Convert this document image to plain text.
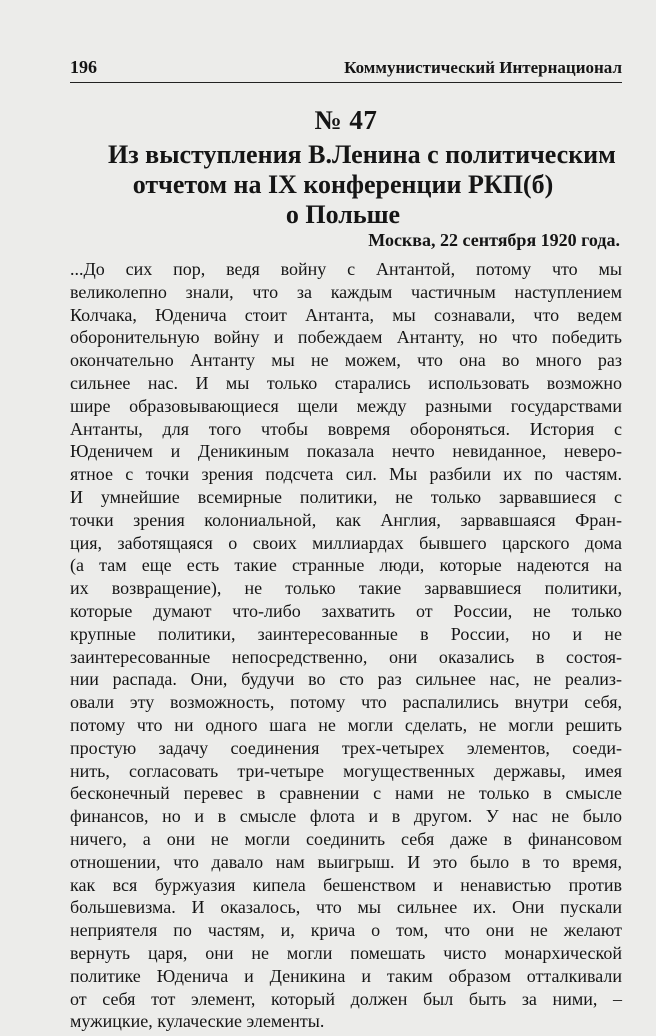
196	Коммунистический Интернационал
№ 47
Из выступления В.Ленина с политическим
отчетом на IX конференции РКП(б)
о Польше
Москва, 22 сентября 1920 года.
...До сих пор, ведя войну с Антантой, потому что мы
великолепно знали, что за каждым частичным наступлением
Колчака, Юденича стоит Антанта, мы сознавали, что ведем
оборонительную войну и побеждаем Антанту, но что победить
окончательно Антанту мы не можем, что она во много раз
сильнее нас. И мы только старались использовать возможно
шире образовывающиеся щели между разными государствами
Антанты, для того чтобы вовремя обороняться. История с
Юденичем и Деникиным показала нечто невиданное, неверо-
ятное с точки зрения подсчета сил. Мы разбили их по частям.
И умнейшие всемирные политики, не только зарвавшиеся с
точки зрения колониальной, как Англия, зарвавшаяся Фран-
ция, заботящаяся о своих миллиардах бывшего царского дома
(а там еще есть такие странные люди, которые надеются на
их возвращение), не только такие зарвавшиеся политики,
которые думают что-либо захватить от России, не только
крупные политики, заинтересованные в России, но и не
заинтересованные непосредственно, они оказались в состоя-
нии распада. Они, будучи во сто раз сильнее нас, не реализ-
овали эту возможность, потому что распалились внутри себя,
потому что ни одного шага не могли сделать, не могли решить
простую задачу соединения трех-четырех элементов, соеди-
нить, согласовать три-четыре могущественных державы, имея
бесконечный перевес в сравнении с нами не только в смысле
финансов, но и в смысле флота и в другом. У нас не было
ничего, а они не могли соединить себя даже в финансовом
отношении, что давало нам выигрыш. И это было в то время,
как вся буржуазия кипела бешенством и ненавистью против
большевизма. И оказалось, что мы сильнее их. Они пускали
неприятеля по частям, и, крича о том, что они не желают
вернуть царя, они не могли помешать чисто монархической
политике Юденича и Деникина и таким образом отталкивали
от себя тот элемент, который должен был быть за ними, –
мужицкие, кулаческие элементы.
